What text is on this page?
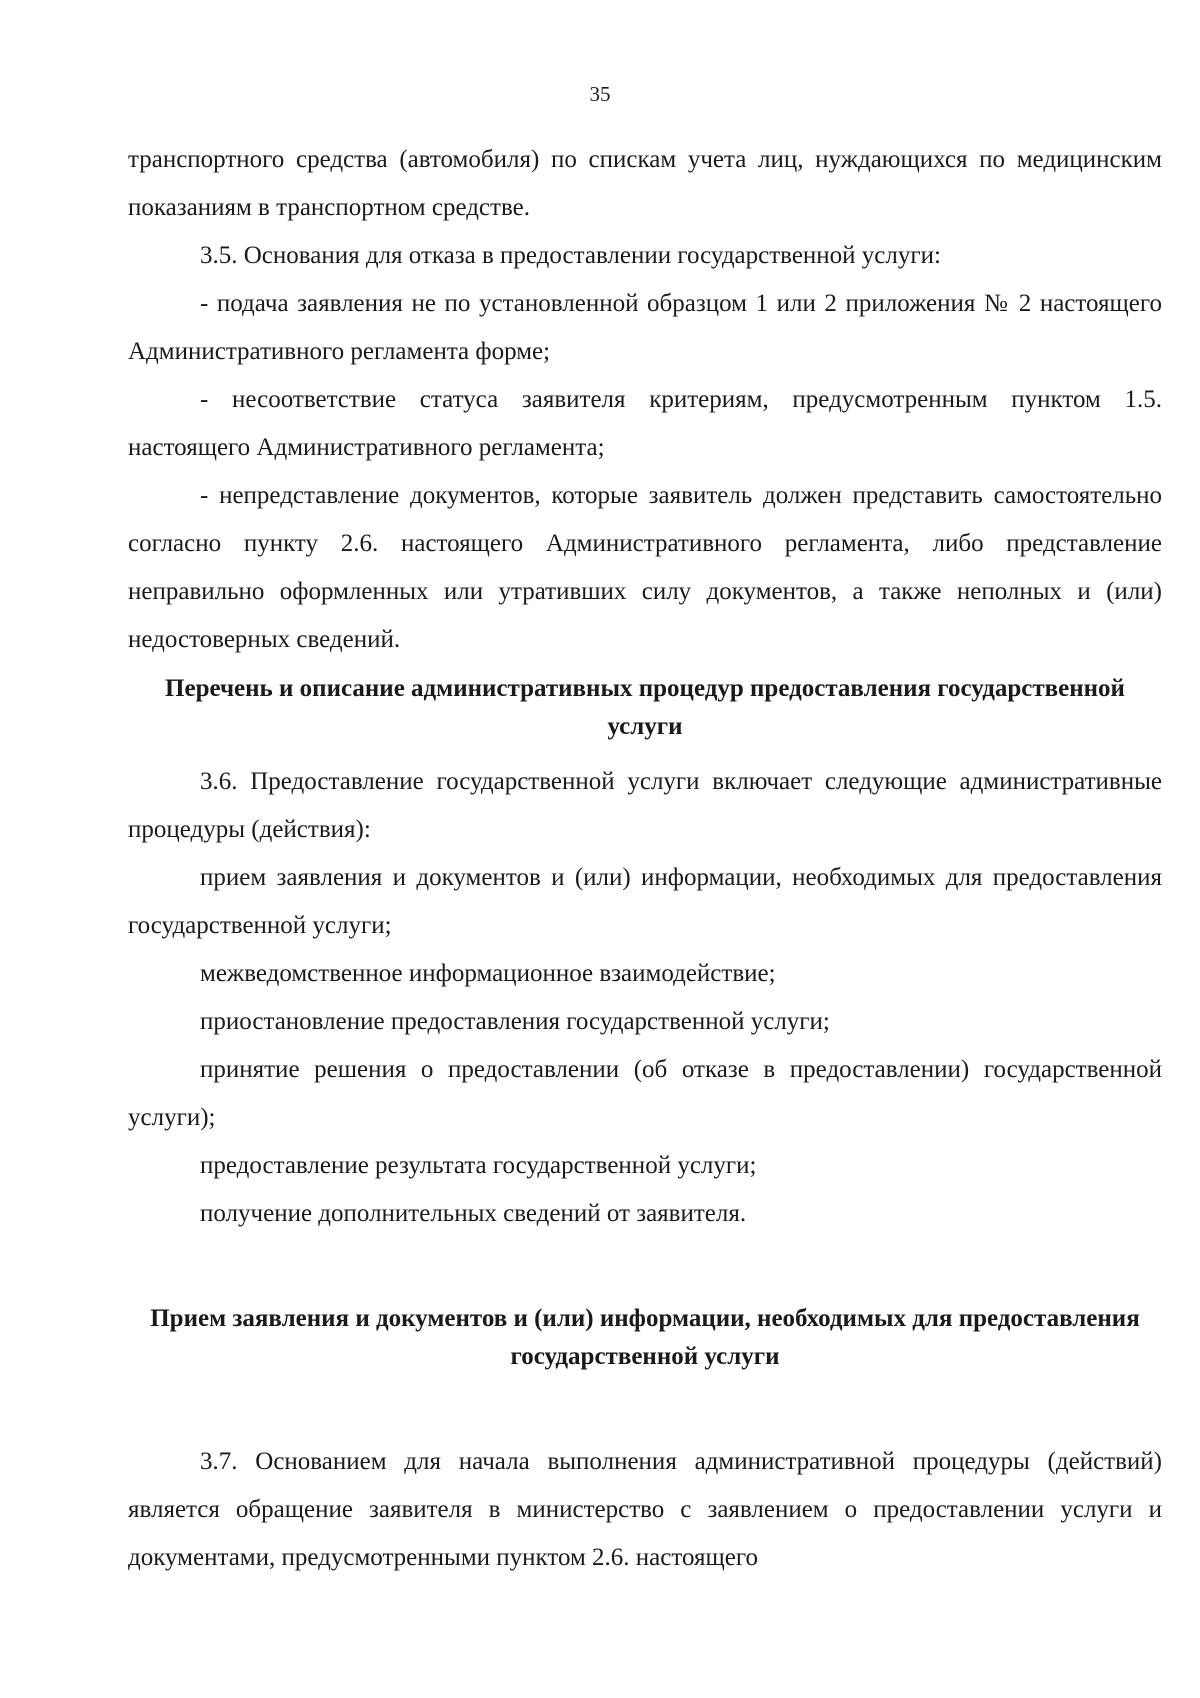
35

транспортного средства (автомобиля) по спискам учета лиц, нуждающихся по медицинским показаниям в транспортном средстве.

3.5. Основания для отказа в предоставлении государственной услуги:

- подача заявления не по установленной образцом 1 или 2 приложения № 2 настоящего Административного регламента форме;

- несоответствие статуса заявителя критериям, предусмотренным пунктом 1.5. настоящего Административного регламента;

- непредставление документов, которые заявитель должен представить самостоятельно согласно пункту 2.6. настоящего Административного регламента, либо представление неправильно оформленных или утративших силу документов, а также неполных и (или) недостоверных сведений.

Перечень и описание административных процедур предоставления государственной услуги

3.6. Предоставление государственной услуги включает следующие административные процедуры (действия):

прием заявления и документов и (или) информации, необходимых для предоставления государственной услуги;

межведомственное информационное взаимодействие;

приостановление предоставления государственной услуги;

принятие решения о предоставлении (об отказе в предоставлении) государственной услуги);

предоставление результата государственной услуги;

получение дополнительных сведений от заявителя.

Прием заявления и документов и (или) информации, необходимых для предоставления государственной услуги

3.7. Основанием для начала выполнения административной процедуры (действий) является обращение заявителя в министерство с заявлением о предоставлении услуги и документами, предусмотренными пунктом 2.6. настоящего
